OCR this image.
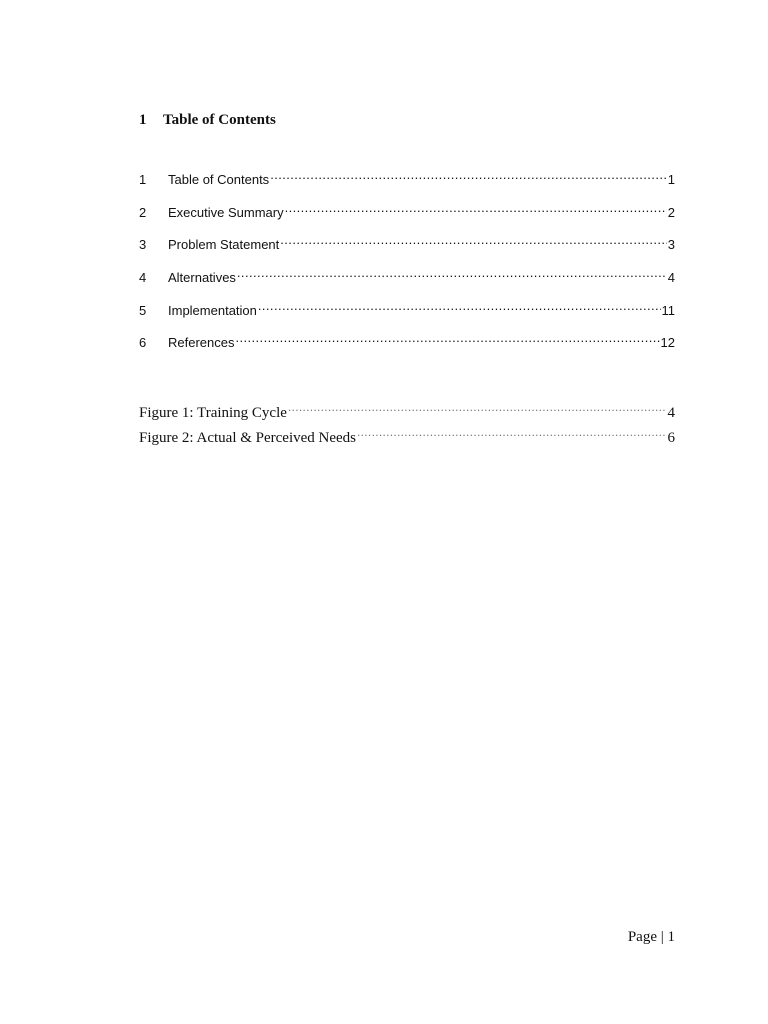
1 Table of Contents
1	Table of Contents .....	1
2	Executive Summary .....	2
3	Problem Statement .....	3
4	Alternatives .....	4
5	Implementation .....	11
6	References .....	12
Figure 1: Training Cycle .....	4
Figure 2: Actual & Perceived Needs .....	6
Page | 1
